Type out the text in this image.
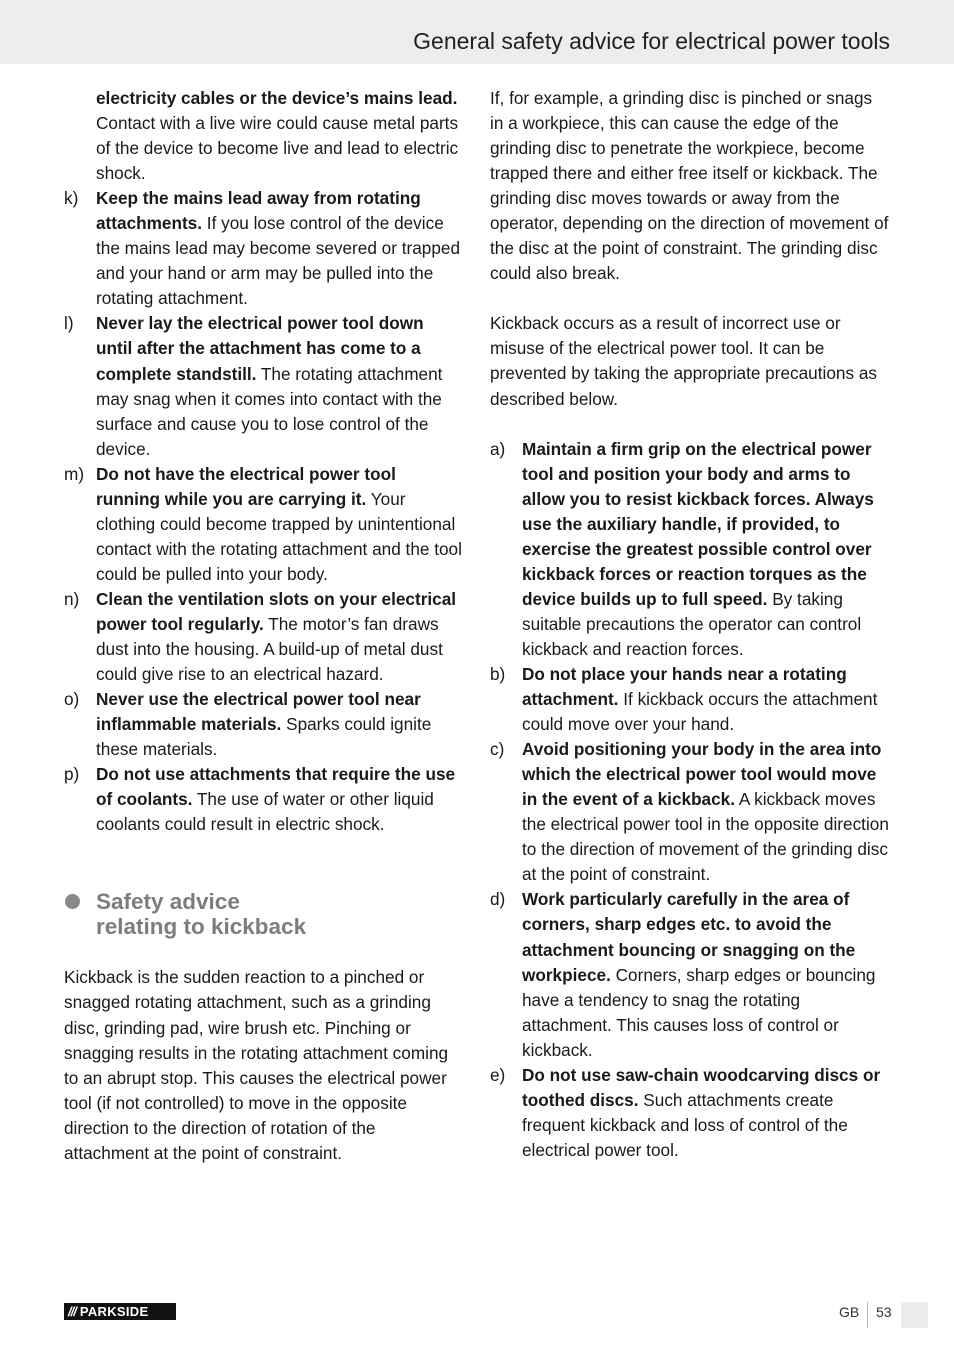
General safety advice for electrical power tools

electricity cables or the device’s mains lead. Contact with a live wire could cause metal parts of the device to become live and lead to electric shock.

k) Keep the mains lead away from rotating attachments. If you lose control of the device the mains lead may become severed or trapped and your hand or arm may be pulled into the rotating attachment.
l) Never lay the electrical power tool down until after the attachment has come to a complete standstill. The rotating attachment may snag when it comes into contact with the surface and cause you to lose control of the device.
m) Do not have the electrical power tool running while you are carrying it. Your clothing could become trapped by unintentional contact with the rotating attachment and the tool could be pulled into your body.
n) Clean the ventilation slots on your electrical power tool regularly. The motor’s fan draws dust into the housing. A build-up of metal dust could give rise to an electrical hazard.
o) Never use the electrical power tool near inflammable materials. Sparks could ignite these materials.
p) Do not use attachments that require the use of coolants. The use of water or other liquid coolants could result in electric shock.
Safety advice
relating to kickback

Kickback is the sudden reaction to a pinched or snagged rotating attachment, such as a grinding disc, grinding pad, wire brush etc. Pinching or snagging results in the rotating attachment coming to an abrupt stop. This causes the electrical power tool (if not controlled) to move in the opposite direction to the direction of rotation of the attachment at the point of constraint.

If, for example, a grinding disc is pinched or snags in a workpiece, this can cause the edge of the grinding disc to penetrate the workpiece, become trapped there and either free itself or kickback. The grinding disc moves towards or away from the operator, depending on the direction of movement of the disc at the point of constraint. The grinding disc could also break.

Kickback occurs as a result of incorrect use or misuse of the electrical power tool. It can be prevented by taking the appropriate precautions as described below.

a) Maintain a firm grip on the electrical power tool and position your body and arms to allow you to resist kickback forces. Always use the auxiliary handle, if provided, to exercise the greatest possible control over kickback forces or reaction torques as the device builds up to full speed. By taking suitable precautions the operator can control kickback and reaction forces.
b) Do not place your hands near a rotating attachment. If kickback occurs the attachment could move over your hand.
c) Avoid positioning your body in the area into which the electrical power tool would move in the event of a kickback. A kickback moves the electrical power tool in the opposite direction to the direction of movement of the grinding disc at the point of constraint.
d) Work particularly carefully in the area of corners, sharp edges etc. to avoid the attachment bouncing or snagging on the workpiece. Corners, sharp edges or bouncing have a tendency to snag the rotating attachment. This causes loss of control or kickback.
e) Do not use saw-chain woodcarving discs or toothed discs. Such attachments create frequent kickback and loss of control of the electrical power tool.
/// PARKSIDE	GB 53
